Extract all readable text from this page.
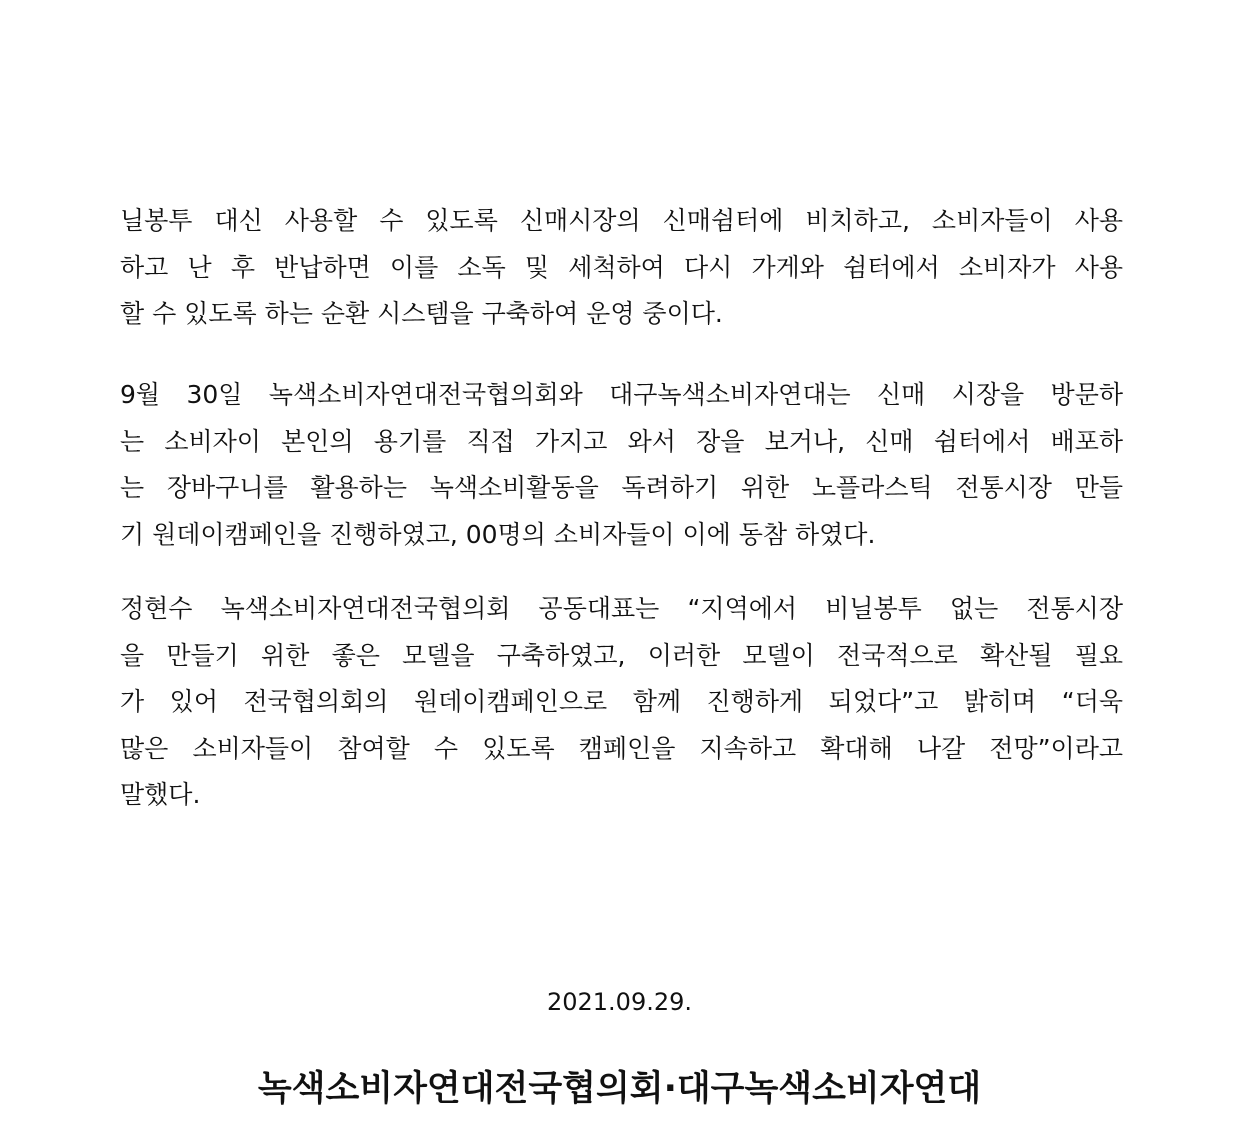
닐봉투 대신 사용할 수 있도록 신매시장의 신매쉼터에 비치하고, 소비자들이 사용
하고 난 후 반납하면 이를 소독 및 세척하여 다시 가게와 쉼터에서 소비자가 사용
할 수 있도록 하는 순환 시스템을 구축하여 운영 중이다.
9월 30일 녹색소비자연대전국협의회와 대구녹색소비자연대는 신매 시장을 방문하
는 소비자이 본인의 용기를 직접 가지고 와서 장을 보거나, 신매 쉼터에서 배포하
는 장바구니를 활용하는 녹색소비활동을 독려하기 위한 노플라스틱 전통시장 만들
기 원데이캠페인을 진행하였고, 00명의 소비자들이 이에 동참 하였다.
정현수 녹색소비자연대전국협의회 공동대표는 “지역에서 비닐봉투 없는 전통시장
을 만들기 위한 좋은 모델을 구축하였고, 이러한 모델이 전국적으로 확산될 필요
가 있어 전국협의회의 원데이캠페인으로 함께 진행하게 되었다”고 밝히며 “더욱
많은 소비자들이 참여할 수 있도록 캠페인을 지속하고 확대해 나갈 전망”이라고
말했다.

2021.09.29.

녹색소비자연대전국협의회·대구녹색소비자연대
